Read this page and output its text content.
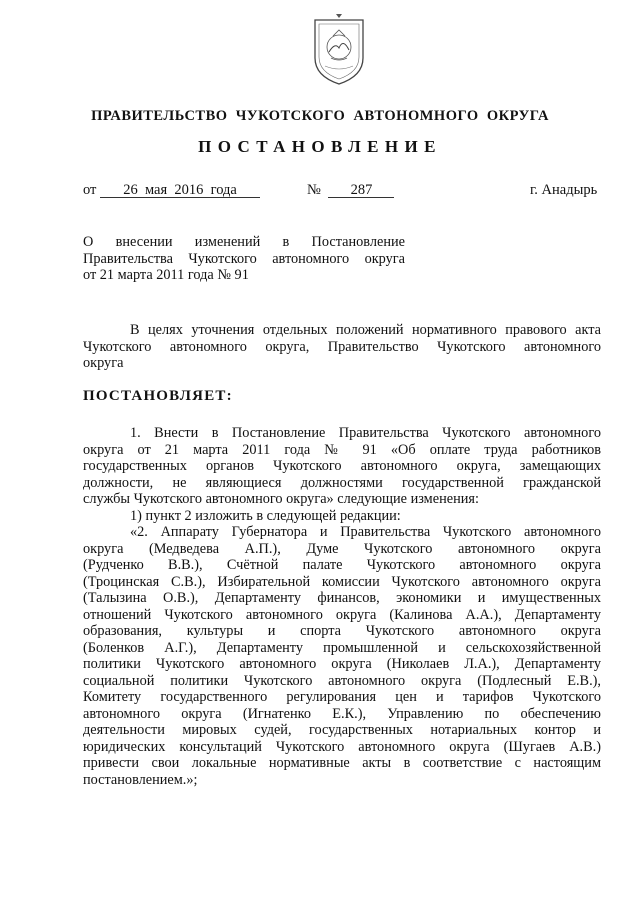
ПРАВИТЕЛЬСТВО  ЧУКОТСКОГО  АВТОНОМНОГО  ОКРУГА
ПОСТАНОВЛЕНИЕ
от 26  мая  2016  года	№ 287	г. Анадырь
О     внесении     изменений     в     Постановление
Правительства  Чукотского  автономного  округа
от 21 марта 2011 года № 91
В целях уточнения отдельных положений нормативного правового акта
Чукотского  автономного  округа,  Правительство  Чукотского  автономного
округа
ПОСТАНОВЛЯЕТ:
1. Внести в Постановление Правительства Чукотского автономного
округа от 21 марта 2011 года № 91 «Об оплате труда работников
государственных органов Чукотского автономного округа, замещающих
должности, не являющиеся должностями государственной гражданской
службы Чукотского автономного округа» следующие изменения:
1) пункт 2 изложить в следующей редакции:
«2. Аппарату Губернатора и Правительства Чукотского автономного
округа (Медведева А.П.), Думе Чукотского автономного округа
(Рудченко В.В.), Счётной палате Чукотского автономного округа
(Троцинская С.В.), Избирательной комиссии Чукотского автономного округа
(Талызина О.В.), Департаменту финансов, экономики и имущественных
отношений Чукотского автономного округа (Калинова А.А.), Департаменту
образования, культуры и спорта Чукотского автономного округа
(Боленков А.Г.), Департаменту промышленной и сельскохозяйственной
политики Чукотского автономного округа (Николаев Л.А.), Департаменту
социальной политики Чукотского автономного округа (Подлесный Е.В.),
Комитету государственного регулирования цен и тарифов Чукотского
автономного округа (Игнатенко Е.К.), Управлению по обеспечению
деятельности мировых судей, государственных нотариальных контор и
юридических консультаций Чукотского автономного округа (Шугаев А.В.)
привести свои локальные нормативные акты в соответствие с настоящим
постановлением.»;
